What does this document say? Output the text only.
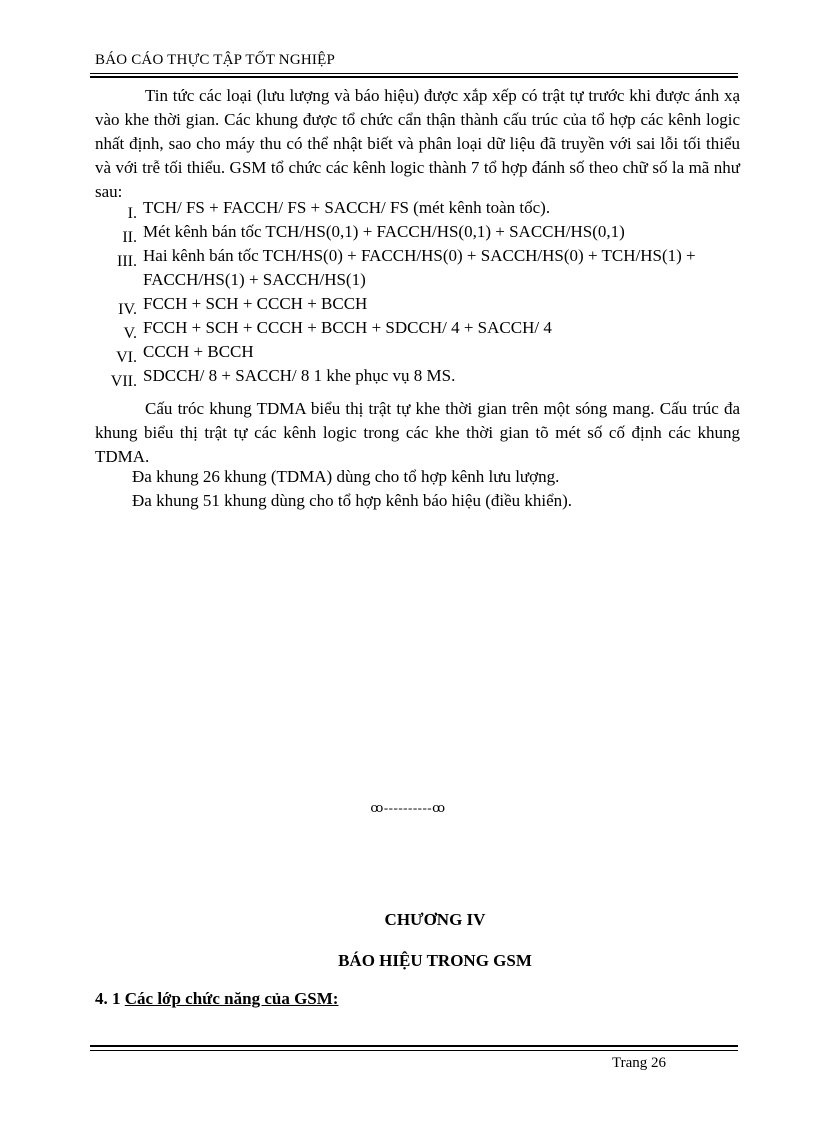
BÁO CÁO THỰC TẬP TỐT NGHIỆP

Tin tức các loại (lưu lượng và báo hiệu) được xắp xếp có trật tự trước khi được ánh xạ vào khe thời gian. Các khung được tổ chức cẩn thận thành cấu trúc của tổ hợp các kênh logic nhất định, sao cho máy thu có thể nhật biết và phân loại dữ liệu đã truyền với sai lỗi tối thiểu và với trễ tối thiểu. GSM tổ chức các kênh logic thành 7 tổ hợp đánh số theo chữ số la mã như sau:

I. TCH/ FS + FACCH/ FS + SACCH/ FS (mét kênh toàn tốc).
II. Mét kênh bán tốc TCH/HS(0,1) + FACCH/HS(0,1) + SACCH/HS(0,1)
III. Hai kênh bán tốc TCH/HS(0) + FACCH/HS(0) + SACCH/HS(0) + TCH/HS(1) + FACCH/HS(1) + SACCH/HS(1)
IV. FCCH + SCH + CCCH + BCCH
V. FCCH + SCH + CCCH + BCCH + SDCCH/ 4 + SACCH/ 4
VI. CCCH + BCCH
VII. SDCCH/ 8 + SACCH/ 8 1 khe phục vụ 8 MS.

Cấu tróc khung TDMA biểu thị trật tự khe thời gian trên một sóng mang. Cấu trúc đa khung biểu thị trật tự các kênh logic trong các khe thời gian tõ mét số cố định các khung TDMA.

Đa khung 26 khung (TDMA) dùng cho tổ hợp kênh lưu lượng.

Đa khung 51 khung dùng cho tổ hợp kênh báo hiệu (điều khiển).

ꝏ----------ꝏ
CHƯƠNG IV
BÁO HIỆU TRONG GSM
4. 1 Các lớp chức năng của GSM:
Trang 26
